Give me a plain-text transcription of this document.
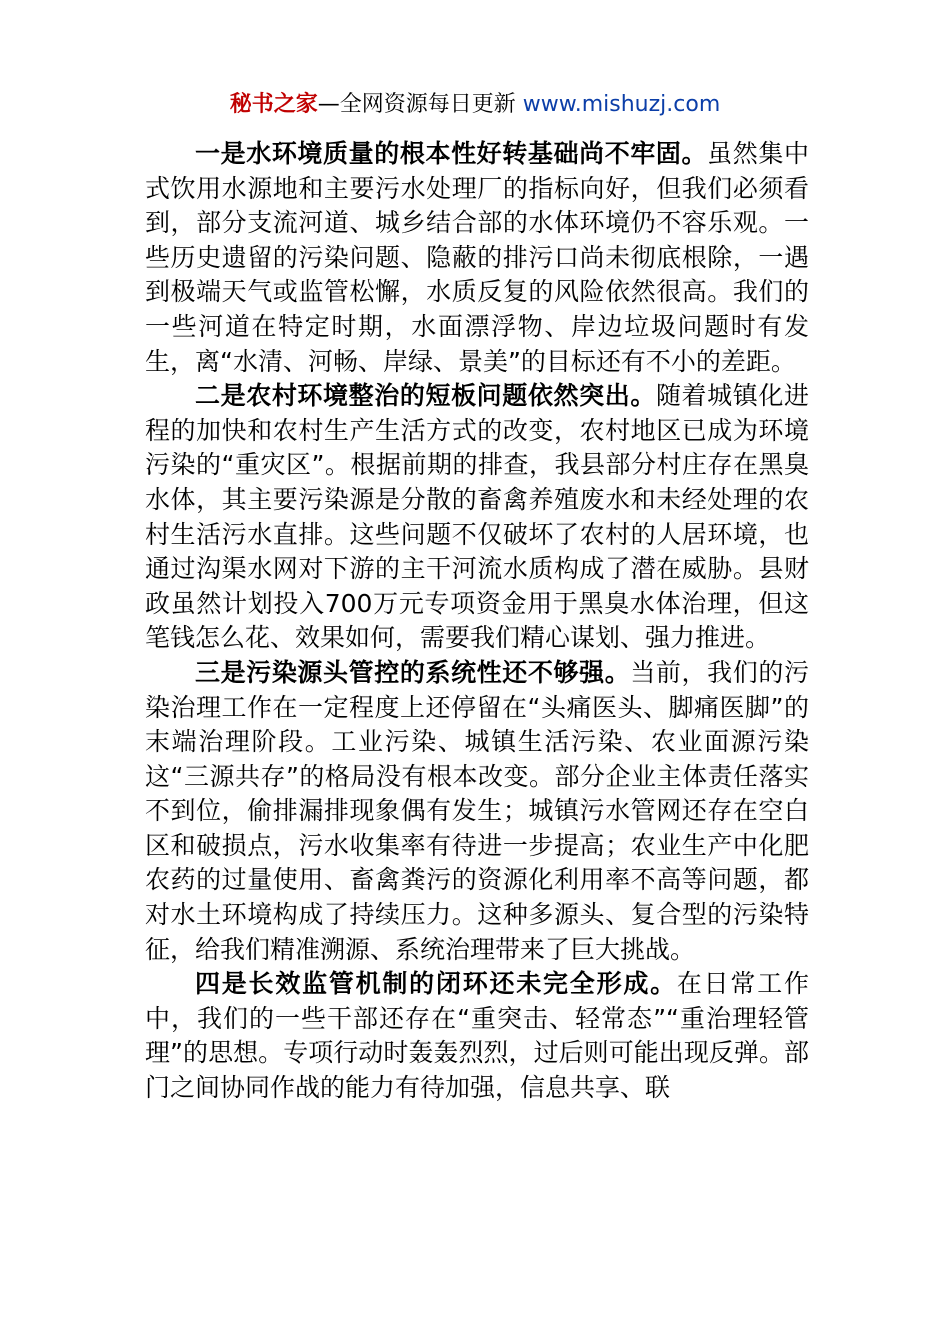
秘书之家—全网资源每日更新 www.mishuzj.com

一是水环境质量的根本性好转基础尚不牢固。虽然集中式饮用水源地和主要污水处理厂的指标向好，但我们必须看到，部分支流河道、城乡结合部的水体环境仍不容乐观。一些历史遗留的污染问题、隐蔽的排污口尚未彻底根除，一遇到极端天气或监管松懈，水质反复的风险依然很高。我们的一些河道在特定时期，水面漂浮物、岸边垃圾问题时有发生，离“水清、河畅、岸绿、景美”的目标还有不小的差距。

二是农村环境整治的短板问题依然突出。随着城镇化进程的加快和农村生产生活方式的改变，农村地区已成为环境污染的“重灾区”。根据前期的排查，我县部分村庄存在黑臭水体，其主要污染源是分散的畜禽养殖废水和未经处理的农村生活污水直排。这些问题不仅破坏了农村的人居环境，也通过沟渠水网对下游的主干河流水质构成了潜在威胁。县财政虽然计划投入700万元专项资金用于黑臭水体治理，但这笔钱怎么花、效果如何，需要我们精心谋划、强力推进。

三是污染源头管控的系统性还不够强。当前，我们的污染治理工作在一定程度上还停留在“头痛医头、脚痛医脚”的末端治理阶段。工业污染、城镇生活污染、农业面源污染这“三源共存”的格局没有根本改变。部分企业主体责任落实不到位，偷排漏排现象偶有发生；城镇污水管网还存在空白区和破损点，污水收集率有待进一步提高；农业生产中化肥农药的过量使用、畜禽粪污的资源化利用率不高等问题，都对水土环境构成了持续压力。这种多源头、复合型的污染特征，给我们精准溯源、系统治理带来了巨大挑战。

四是长效监管机制的闭环还未完全形成。在日常工作中，我们的一些干部还存在“重突击、轻常态”“重治理轻管理”的思想。专项行动时轰轰烈烈，过后则可能出现反弹。部门之间协同作战的能力有待加强，信息共享、联
